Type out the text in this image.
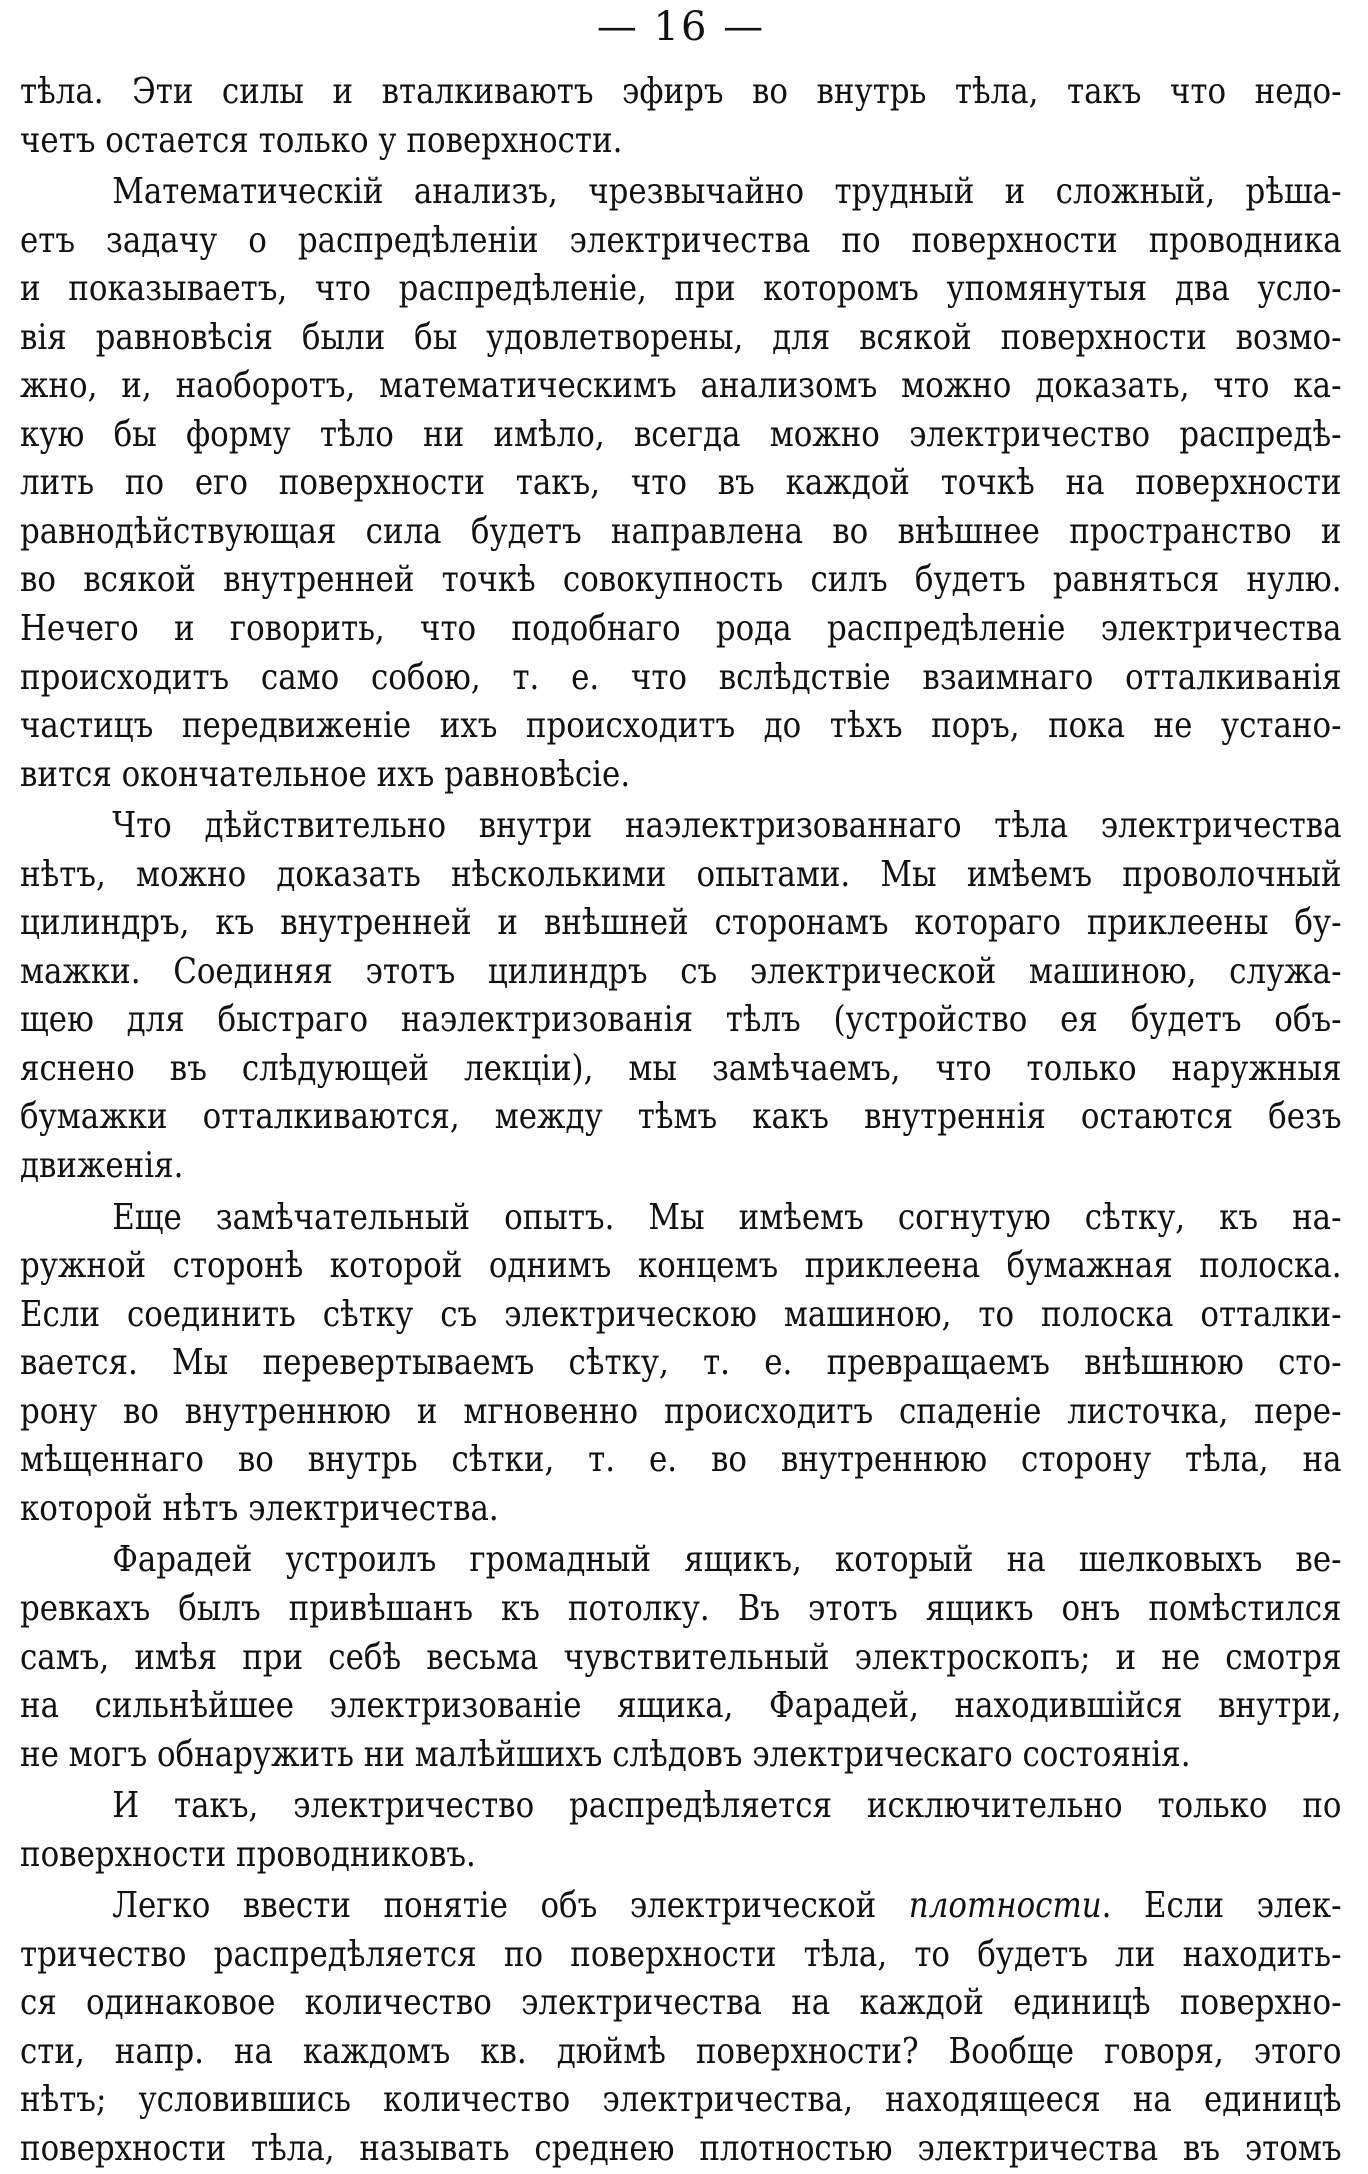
— 16 —
тѣла. Эти силы и вталкиваютъ эфиръ во внутрь тѣла, такъ что недо-
четъ остается только у поверхности.
Математическій анализъ, чрезвычайно трудный и сложный, рѣша-
етъ задачу о распредѣленіи электричества по поверхности проводника
и показываетъ, что распредѣленіе, при которомъ упомянутыя два усло-
вія равновѣсія были бы удовлетворены, для всякой поверхности возмо-
жно, и, наоборотъ, математическимъ анализомъ можно доказать, что ка-
кую бы форму тѣло ни имѣло, всегда можно электричество распредѣ-
лить по его поверхности такъ, что въ каждой точкѣ на поверхности
равнодѣйствующая сила будетъ направлена во внѣшнее пространство и
во всякой внутренней точкѣ совокупность силъ будетъ равняться нулю.
Нечего и говорить, что подобнаго рода распредѣленіе электричества
происходитъ само собою, т. е. что вслѣдствіе взаимнаго отталкиванія
частицъ передвиженіе ихъ происходитъ до тѣхъ поръ, пока не устано-
вится окончательное ихъ равновѣсіе.
Что дѣйствительно внутри наэлектризованнаго тѣла электричества
нѣтъ, можно доказать нѣсколькими опытами. Мы имѣемъ проволочный
цилиндръ, къ внутренней и внѣшней сторонамъ котораго приклеены бу-
мажки. Соединяя этотъ цилиндръ съ электрической машиною, служа-
щею для быстраго наэлектризованія тѣлъ (устройство ея будетъ объ-
яснено въ слѣдующей лекціи), мы замѣчаемъ, что только наружныя
бумажки отталкиваются, между тѣмъ какъ внутреннія остаются безъ
движенія.
Еще замѣчательный опытъ. Мы имѣемъ согнутую сѣтку, къ на-
ружной сторонѣ которой однимъ концемъ приклеена бумажная полоска.
Если соединить сѣтку съ электрическою машиною, то полоска отталки-
вается. Мы перевертываемъ сѣтку, т. е. превращаемъ внѣшнюю сто-
рону во внутреннюю и мгновенно происходитъ спаденіе листочка, пере-
мѣщеннаго во внутрь сѣтки, т. е. во внутреннюю сторону тѣла, на
которой нѣтъ электричества.
Фарадей устроилъ громадный ящикъ, который на шелковыхъ ве-
ревкахъ былъ привѣшанъ къ потолку. Въ этотъ ящикъ онъ помѣстился
самъ, имѣя при себѣ весьма чувствительный электроскопъ; и не смотря
на сильнѣйшее электризованіе ящика, Фарадей, находившійся внутри,
не могъ обнаружить ни малѣйшихъ слѣдовъ электрическаго состоянія.
И такъ, электричество распредѣляется исключительно только по
поверхности проводниковъ.
Легко ввести понятіе объ электрической плотности. Если элек-
тричество распредѣляется по поверхности тѣла, то будетъ ли находить-
ся одинаковое количество электричества на каждой единицѣ поверхно-
сти, напр. на каждомъ кв. дюймѣ поверхности? Вообще говоря, этого
нѣтъ; условившись количество электричества, находящееся на единицѣ
поверхности тѣла, называть среднею плотностью электричества въ этомъ
